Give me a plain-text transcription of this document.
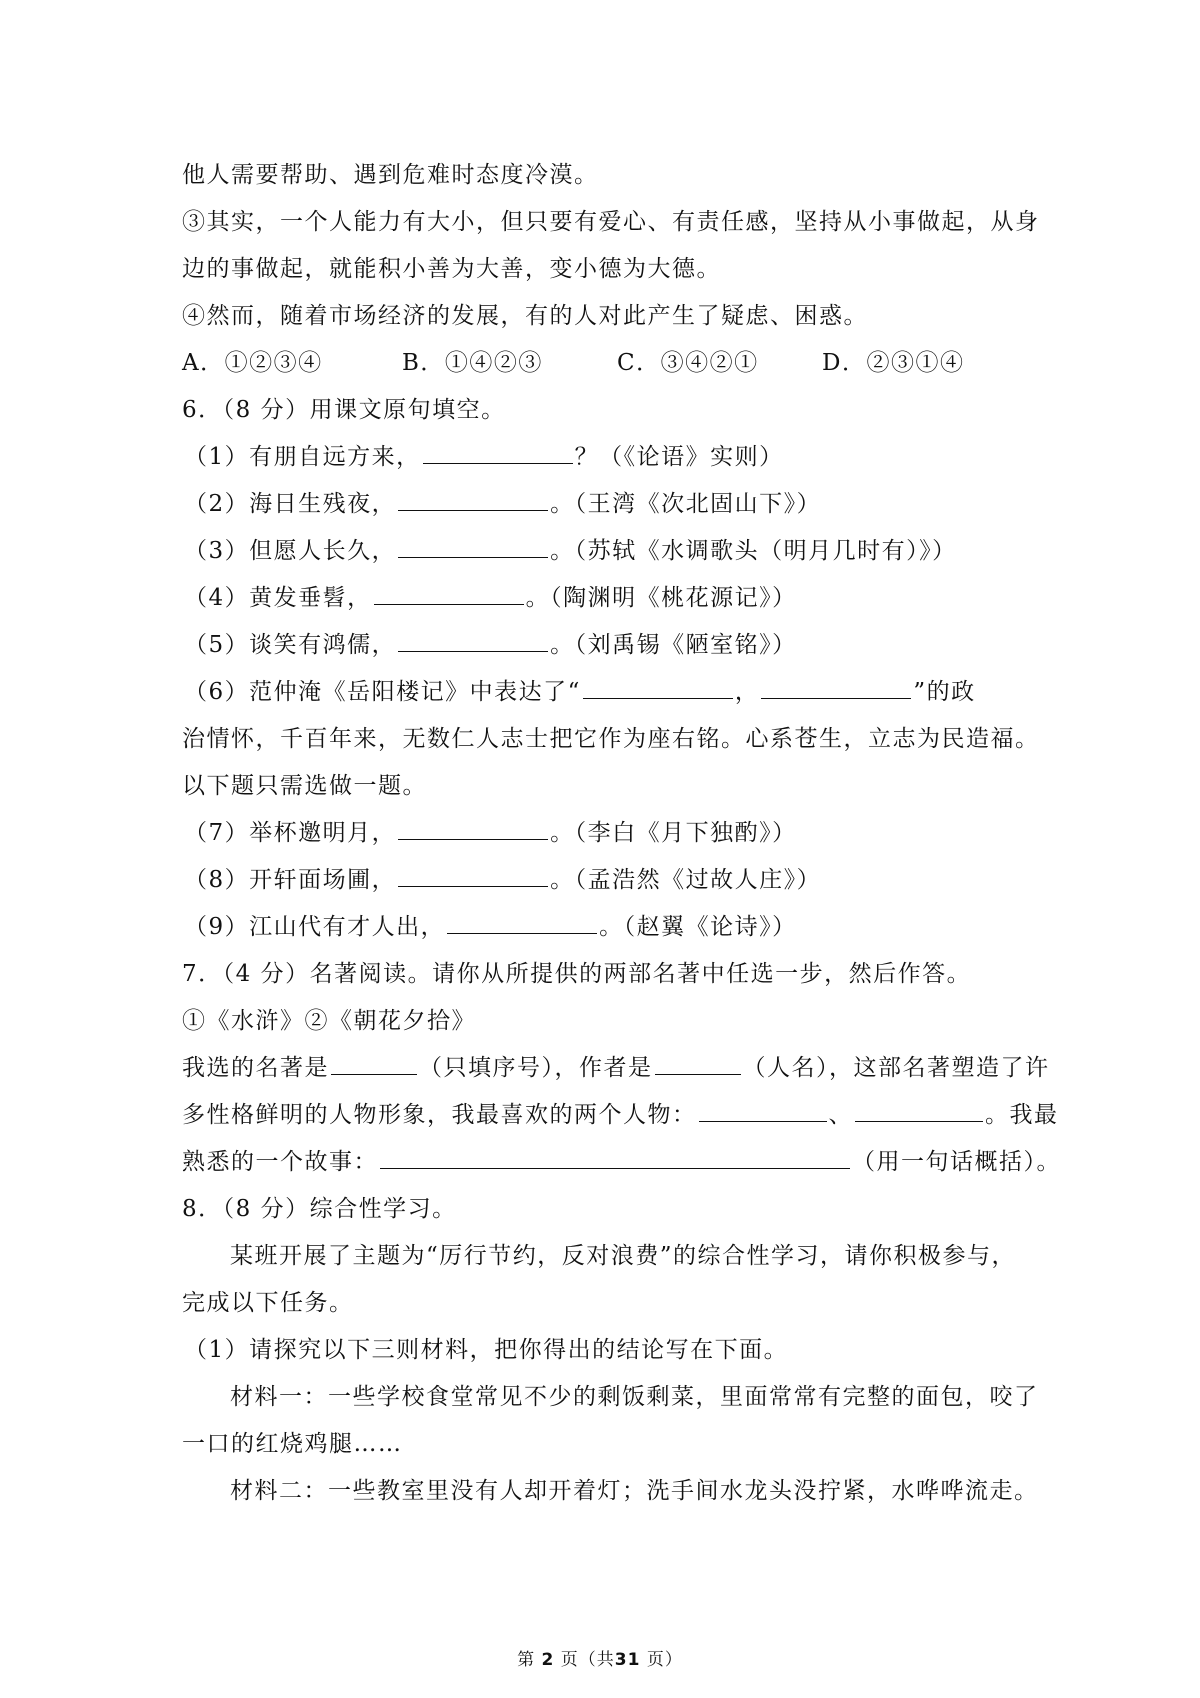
他人需要帮助、遇到危难时态度冷漠。
③其实，一个人能力有大小，但只要有爱心、有责任感，坚持从小事做起，从身
边的事做起，就能积小善为大善，变小德为大德。
④然而，随着市场经济的发展，有的人对此产生了疑虑、困惑。
A．①②③④	B．①④②③	C．③④②①	D．②③①④
6．（8 分）用课文原句填空。
（1）有朋自远方来，	？（《论语》实则）
（2）海日生残夜，	。（王湾《次北固山下》）
（3）但愿人长久，	。（苏轼《水调歌头（明月几时有）》）
（4）黄发垂髫，	。（陶渊明《桃花源记》）
（5）谈笑有鸿儒，	。（刘禹锡《陋室铭》）
（6）范仲淹《岳阳楼记》中表达了“	，	”的政
治情怀，千百年来，无数仁人志士把它作为座右铭。心系苍生，立志为民造福。
以下题只需选做一题。
（7）举杯邀明月，	。（李白《月下独酌》）
（8）开轩面场圃，	。（孟浩然《过故人庄》）
（9）江山代有才人出，	。（赵翼《论诗》）
7．（4 分）名著阅读。请你从所提供的两部名著中任选一步，然后作答。
①《水浒》②《朝花夕拾》
我选的名著是	（只填序号），作者是	（人名），这部名著塑造了许
多性格鲜明的人物形象，我最喜欢的两个人物：	、	。我最
熟悉的一个故事：	（用一句话概括）。
8．（8 分）综合性学习。
某班开展了主题为“厉行节约，反对浪费”的综合性学习，请你积极参与，
完成以下任务。
（1）请探究以下三则材料，把你得出的结论写在下面。
材料一：一些学校食堂常见不少的剩饭剩菜，里面常常有完整的面包，咬了
一口的红烧鸡腿……
材料二：一些教室里没有人却开着灯；洗手间水龙头没拧紧，水哗哗流走。
第 2 页（共31 页）
